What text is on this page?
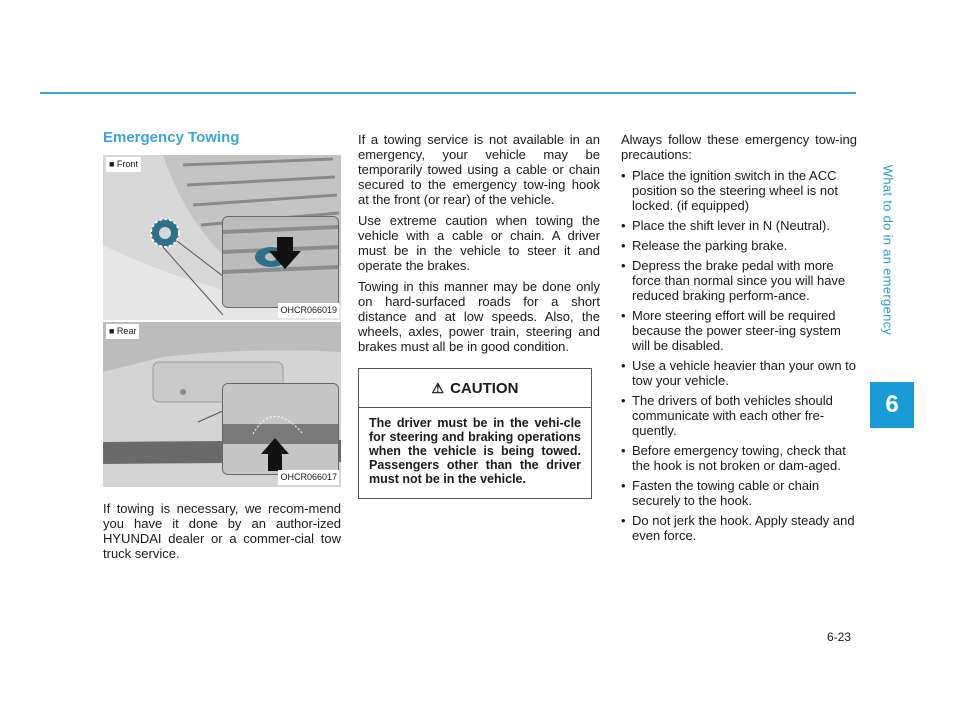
What to do in an emergency
6
Emergency Towing
■ Front
OHCR066019
■ Rear
OHCR066017

If towing is necessary, we recom-mend you have it done by an author-ized HYUNDAI dealer or a commer-cial tow truck service.

If a towing service is not available in an emergency, your vehicle may be temporarily towed using a cable or chain secured to the emergency tow-ing hook at the front (or rear) of the vehicle.

Use extreme caution when towing the vehicle with a cable or chain. A driver must be in the vehicle to steer it and operate the brakes.

Towing in this manner may be done only on hard-surfaced roads for a short distance and at low speeds. Also, the wheels, axles, power train, steering and brakes must all be in good condition.

⚠ CAUTION
The driver must be in the vehi-cle for steering and braking operations when the vehicle is being towed. Passengers other than the driver must not be in the vehicle.

Always follow these emergency tow-ing precautions:

• Place the ignition switch in the ACC position so the steering wheel is not locked. (if equipped)
• Place the shift lever in N (Neutral).
• Release the parking brake.
• Depress the brake pedal with more force than normal since you will have reduced braking perform-ance.
• More steering effort will be required because the power steer-ing system will be disabled.
• Use a vehicle heavier than your own to tow your vehicle.
• The drivers of both vehicles should communicate with each other fre-quently.
• Before emergency towing, check that the hook is not broken or dam-aged.
• Fasten the towing cable or chain securely to the hook.
• Do not jerk the hook. Apply steady and even force.
6-23
